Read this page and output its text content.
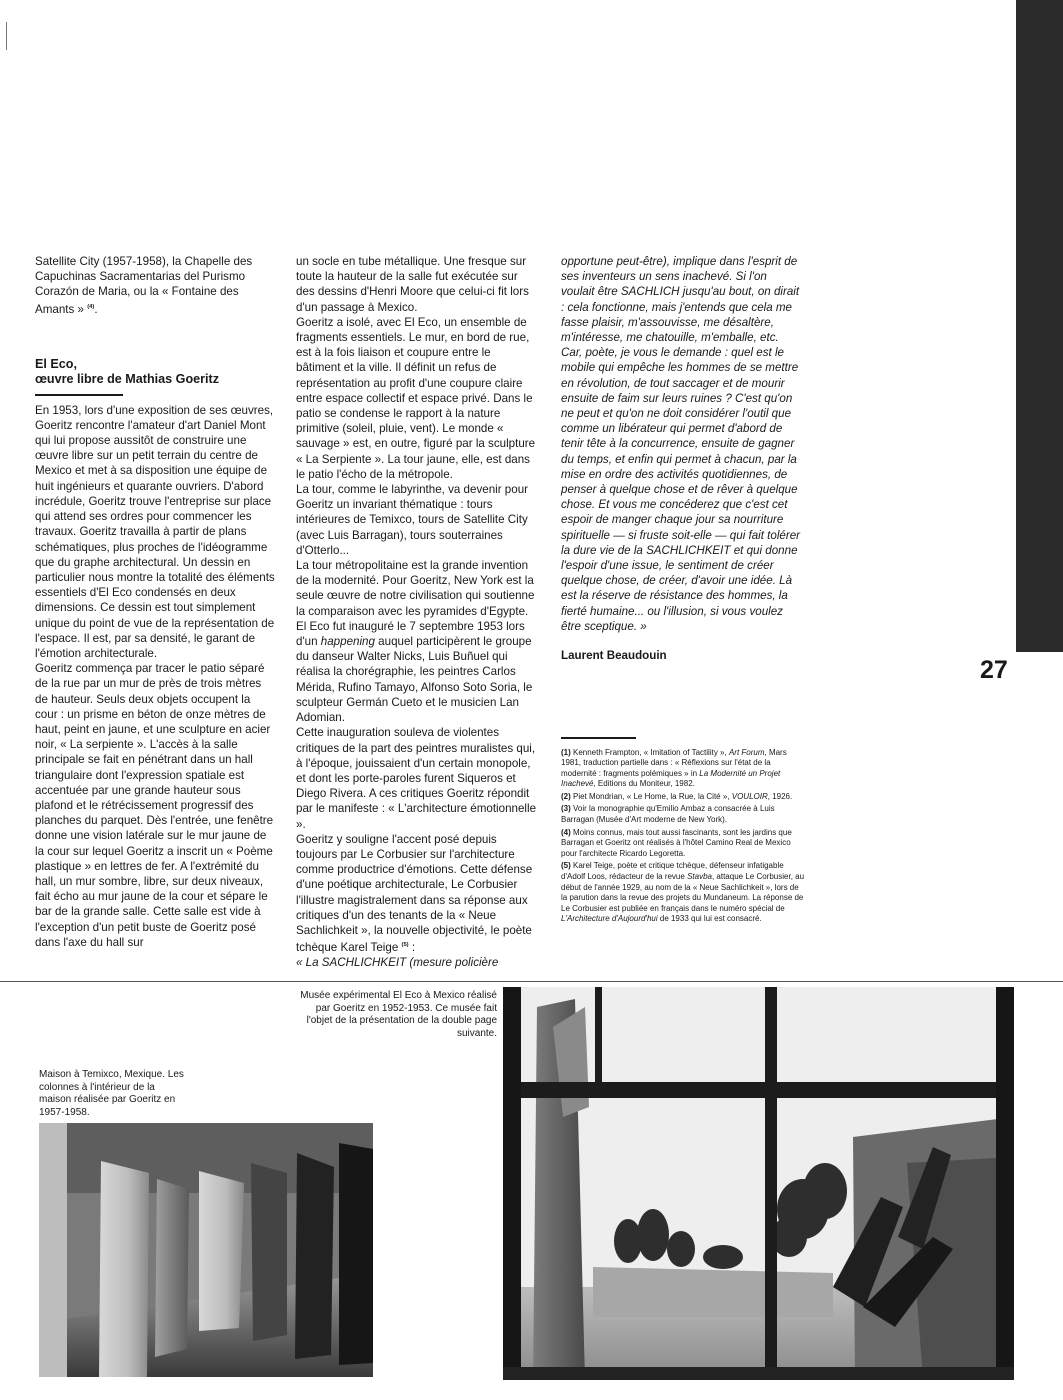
Satellite City (1957-1958), la Chapelle des Capuchinas Sacramentarias del Purismo Corazón de Maria, ou la « Fontaine des Amants » $^{(4)}$.

El Eco,
œuvre libre de Mathias Goeritz

En 1953, lors d'une exposition de ses œuvres, Goeritz rencontre l'amateur d'art Daniel Mont qui lui propose aussitôt de construire une œuvre libre sur un petit terrain du centre de Mexico et met à sa disposition une équipe de huit ingénieurs et quarante ouvriers. D'abord incrédule, Goeritz trouve l'entreprise sur place qui attend ses ordres pour commencer les travaux. Goeritz travailla à partir de plans schématiques, plus proches de l'idéogramme que du graphe architectural. Un dessin en particulier nous montre la totalité des éléments essentiels d'El Eco condensés en deux dimensions. Ce dessin est tout simplement unique du point de vue de la représentation de l'espace. Il est, par sa densité, le garant de l'émotion architecturale.

Goeritz commença par tracer le patio séparé de la rue par un mur de près de trois mètres de hauteur. Seuls deux objets occupent la cour : un prisme en béton de onze mètres de haut, peint en jaune, et une sculpture en acier noir, « La serpiente ». L'accès à la salle principale se fait en pénétrant dans un hall triangulaire dont l'expression spatiale est accentuée par une grande hauteur sous plafond et le rétrécissement progressif des planches du parquet. Dès l'entrée, une fenêtre donne une vision latérale sur le mur jaune de la cour sur lequel Goeritz a inscrit un « Poème plastique » en lettres de fer. A l'extrémité du hall, un mur sombre, libre, sur deux niveaux, fait écho au mur jaune de la cour et sépare le bar de la grande salle. Cette salle est vide à l'exception d'un petit buste de Goeritz posé dans l'axe du hall sur

un socle en tube métallique. Une fresque sur toute la hauteur de la salle fut exécutée sur des dessins d'Henri Moore que celui-ci fit lors d'un passage à Mexico.

Goeritz a isolé, avec El Eco, un ensemble de fragments essentiels. Le mur, en bord de rue, est à la fois liaison et coupure entre le bâtiment et la ville. Il définit un refus de représentation au profit d'une coupure claire entre espace collectif et espace privé. Dans le patio se condense le rapport à la nature primitive (soleil, pluie, vent). Le monde « sauvage » est, en outre, figuré par la sculpture « La Serpiente ». La tour jaune, elle, est dans le patio l'écho de la métropole.

La tour, comme le labyrinthe, va devenir pour Goeritz un invariant thématique : tours intérieures de Temixco, tours de Satellite City (avec Luis Barragan), tours souterraines d'Otterlo...

La tour métropolitaine est la grande invention de la modernité. Pour Goeritz, New York est la seule œuvre de notre civilisation qui soutienne la comparaison avec les pyramides d'Egypte.

El Eco fut inauguré le 7 septembre 1953 lors d'un happening auquel participèrent le groupe du danseur Walter Nicks, Luis Buñuel qui réalisa la chorégraphie, les peintres Carlos Mérida, Rufino Tamayo, Alfonso Soto Soria, le sculpteur Germán Cueto et le musicien Lan Adomian.

Cette inauguration souleva de violentes critiques de la part des peintres muralistes qui, à l'époque, jouissaient d'un certain monopole, et dont les porte-paroles furent Siqueros et Diego Rivera. A ces critiques Goeritz répondit par le manifeste : « L'architecture émotionnelle ».

Goeritz y souligne l'accent posé depuis toujours par Le Corbusier sur l'architecture comme productrice d'émotions. Cette défense d'une poétique architecturale, Le Corbusier l'illustre magistralement dans sa réponse aux critiques d'un des tenants de la « Neue Sachlichkeit », la nouvelle objectivité, le poète tchèque Karel Teige $^{(5)}$ :

« La SACHLICHKEIT (mesure policière

opportune peut-être), implique dans l'esprit de ses inventeurs un sens inachevé. Si l'on voulait être SACHLICH jusqu'au bout, on dirait : cela fonctionne, mais j'entends que cela me fasse plaisir, m'assouvisse, me désaltère, m'intéresse, me chatouille, m'emballe, etc. Car, poète, je vous le demande : quel est le mobile qui empêche les hommes de se mettre en révolution, de tout saccager et de mourir ensuite de faim sur leurs ruines ? C'est qu'on ne peut et qu'on ne doit considérer l'outil que comme un libérateur qui permet d'abord de tenir tête à la concurrence, ensuite de gagner du temps, et enfin qui permet à chacun, par la mise en ordre des activités quotidiennes, de penser à quelque chose et de rêver à quelque chose. Et vous me concéderez que c'est cet espoir de manger chaque jour sa nourriture spirituelle — si fruste soit-elle — qui fait tolérer la dure vie de la SACHLICHKEIT et qui donne l'espoir d'une issue, le sentiment de créer quelque chose, de créer, d'avoir une idée. Là est la réserve de résistance des hommes, la fierté humaine... ou l'illusion, si vous voulez être sceptique. »

Laurent Beaudouin

27

(1) Kenneth Frampton, « Imitation of Tactility », Art Forum, Mars 1981, traduction partielle dans : « Réflexions sur l'état de la modernité : fragments polémiques » in La Modernité un Projet Inachevé, Editions du Moniteur, 1982.

(2) Piet Mondrian, « Le Home, la Rue, la Cité », VOULOIR, 1926.

(3) Voir la monographie qu'Emilio Ambaz a consacrée à Luis Barragan (Musée d'Art moderne de New York).

(4) Moins connus, mais tout aussi fascinants, sont les jardins que Barragan et Goeritz ont réalisés à l'hôtel Camino Real de Mexico pour l'architecte Ricardo Legoretta.

(5) Karel Teige, poète et critique tchèque, défenseur infatigable d'Adolf Loos, rédacteur de la revue Stavba, attaque Le Corbusier, au début de l'année 1929, au nom de la « Neue Sachlichkeit », lors de la parution dans la revue des projets du Mundaneum. La réponse de Le Corbusier est publiée en français dans le numéro spécial de L'Architecture d'Aujourd'hui de 1933 qui lui est consacré.

Musée expérimental El Eco à Mexico réalisé par Goeritz en 1952-1953. Ce musée fait l'objet de la présentation de la double page suivante.
Maison à Temixco, Mexique. Les colonnes à l'intérieur de la maison réalisée par Goeritz en 1957-1958.
